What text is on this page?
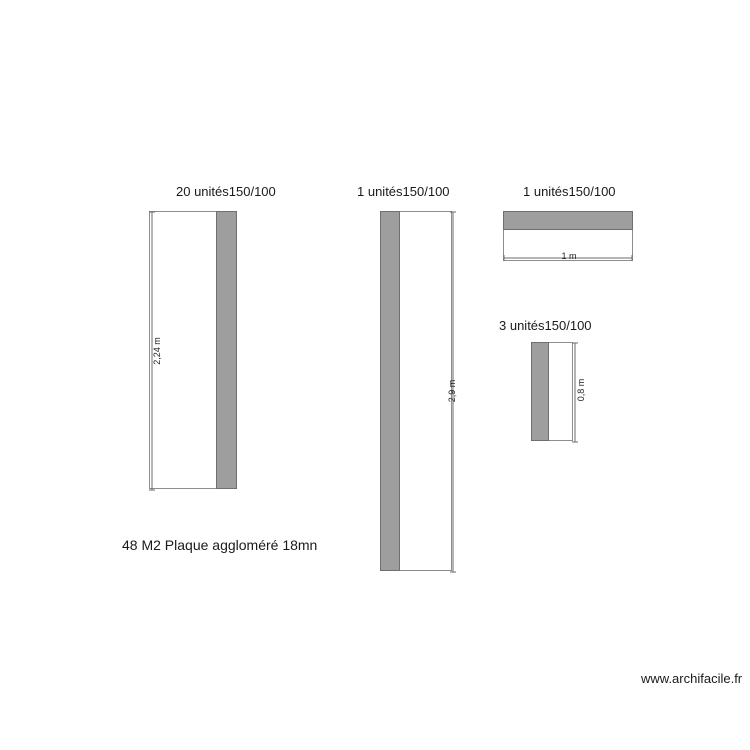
20 unités150/100
2,24 m
1 unités150/100
2,9 m
1 unités150/100
1 m
3 unités150/100
0,8 m
48 M2 Plaque aggloméré 18mn
www.archifacile.fr
